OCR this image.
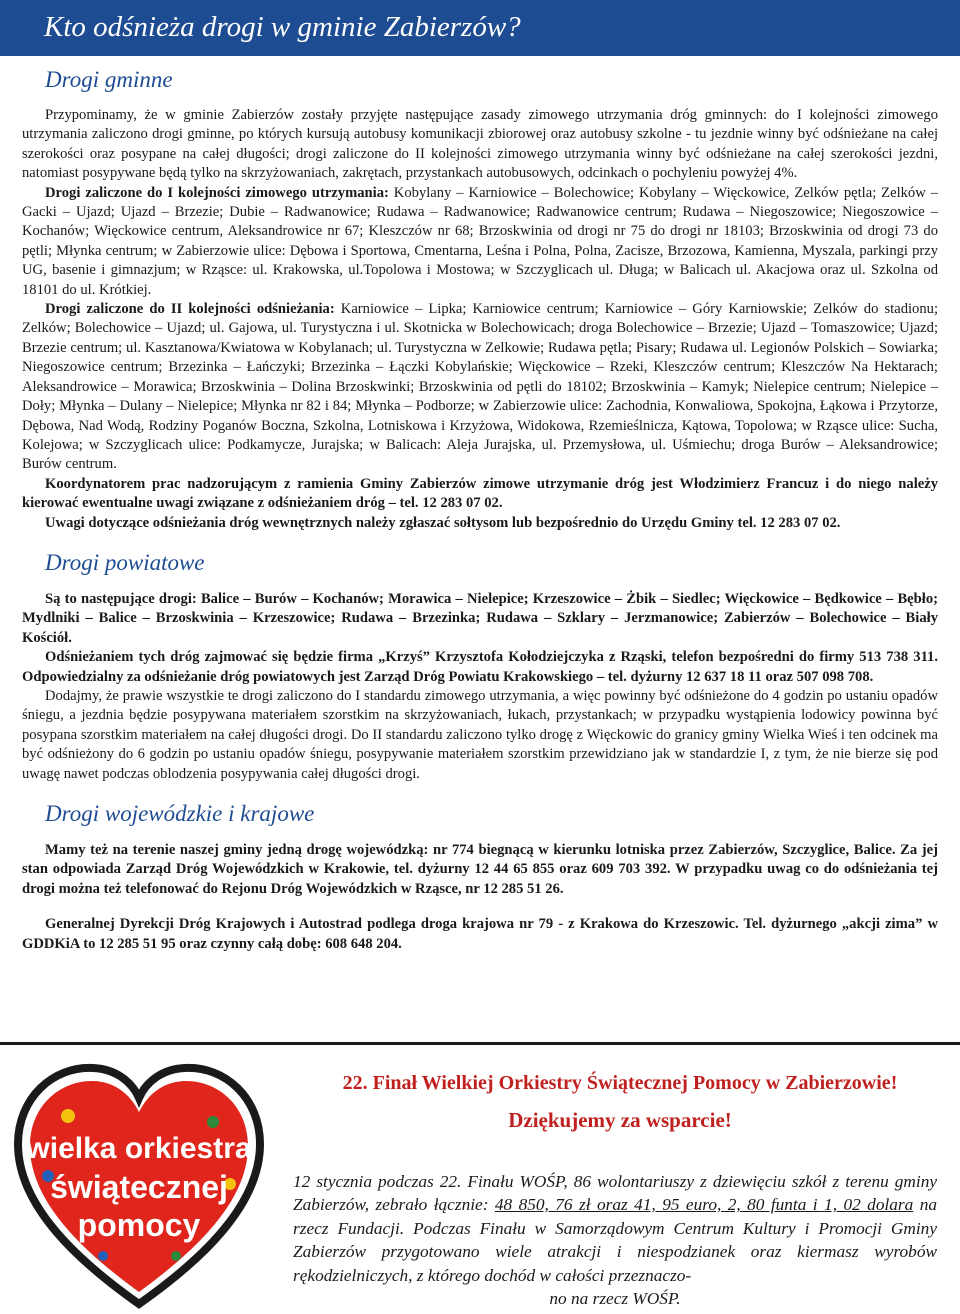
Kto odśnieża drogi w gminie Zabierzów?
Drogi gminne

Przypominamy, że w gminie Zabierzów zostały przyjęte następujące zasady zimowego utrzymania dróg gminnych: do I kolejności zimowego utrzymania zaliczono drogi gminne, po których kursują autobusy komunikacji zbiorowej oraz autobusy szkolne - tu jezdnie winny być odśnieżane na całej szerokości oraz posypane na całej długości; drogi zaliczone do II kolejności zimowego utrzymania winny być odśnieżane na całej szerokości jezdni, natomiast posypywane będą tylko na skrzyżowaniach, zakrętach, przystankach autobusowych, odcinkach o pochyleniu powyżej 4%.

Drogi zaliczone do I kolejności zimowego utrzymania: Kobylany – Karniowice – Bolechowice; Kobylany – Więckowice, Zelków pętla; Zelków – Gacki – Ujazd; Ujazd – Brzezie; Dubie – Radwanowice; Rudawa – Radwanowice; Radwanowice centrum; Rudawa – Niegoszowice; Niegoszowice – Kochanów; Więckowice centrum, Aleksandrowice nr 67; Kleszczów nr 68; Brzoskwinia od drogi nr 75 do drogi nr 18103; Brzoskwinia od drogi 73 do pętli; Młynka centrum; w Zabierzowie ulice: Dębowa i Sportowa, Cmentarna, Leśna i Polna, Polna, Zacisze, Brzozowa, Kamienna, Myszala, parkingi przy UG, basenie i gimnazjum; w Rząsce: ul. Krakowska, ul.Topolowa i Mostowa; w Szczyglicach ul. Długa; w Balicach ul. Akacjowa oraz ul. Szkolna od 18101 do ul. Krótkiej.

Drogi zaliczone do II kolejności odśnieżania: Karniowice – Lipka; Karniowice centrum; Karniowice – Góry Karniowskie; Zelków do stadionu; Zelków; Bolechowice – Ujazd; ul. Gajowa, ul. Turystyczna i ul. Skotnicka w Bolechowicach; droga Bolechowice – Brzezie; Ujazd – Tomaszowice; Ujazd; Brzezie centrum; ul. Kasztanowa/Kwiatowa w Kobylanach; ul. Turystyczna w Zelkowie; Rudawa pętla; Pisary; Rudawa ul. Legionów Polskich – Sowiarka; Niegoszowice centrum; Brzezinka – Łańczyki; Brzezinka – Łączki Kobylańskie; Więckowice – Rzeki, Kleszczów centrum; Kleszczów Na Hektarach; Aleksandrowice – Morawica; Brzoskwinia – Dolina Brzoskwinki; Brzoskwinia od pętli do 18102; Brzoskwinia – Kamyk; Nielepice centrum; Nielepice – Doły; Młynka – Dulany – Nielepice; Młynka nr 82 i 84; Młynka – Podborze; w Zabierzowie ulice: Zachodnia, Konwaliowa, Spokojna, Łąkowa i Przytorze, Dębowa, Nad Wodą, Rodziny Poganów Boczna, Szkolna, Lotniskowa i Krzyżowa, Widokowa, Rzemieślnicza, Kątowa, Topolowa; w Rząsce ulice: Sucha, Kolejowa; w Szczyglicach ulice: Podkamycze, Jurajska; w Balicach: Aleja Jurajska, ul. Przemysłowa, ul. Uśmiechu; droga Burów – Aleksandrowice; Burów centrum.

Koordynatorem prac nadzorującym z ramienia Gminy Zabierzów zimowe utrzymanie dróg jest Włodzimierz Francuz i do niego należy kierować ewentualne uwagi związane z odśnieżaniem dróg – tel. 12 283 07 02.

Uwagi dotyczące odśnieżania dróg wewnętrznych należy zgłaszać sołtysom lub bezpośrednio do Urzędu Gminy tel. 12 283 07 02.

Drogi powiatowe

Są to następujące drogi: Balice – Burów – Kochanów; Morawica – Nielepice; Krzeszowice – Żbik – Siedlec; Więckowice – Będkowice – Bębło; Mydlniki – Balice – Brzoskwinia – Krzeszowice; Rudawa – Brzezinka; Rudawa – Szklary – Jerzmanowice; Zabierzów – Bolechowice – Biały Kościół.

Odśnieżaniem tych dróg zajmować się będzie firma „Krzyś” Krzysztofa Kołodziejczyka z Rząski, telefon bezpośredni do firmy 513 738 311. Odpowiedzialny za odśnieżanie dróg powiatowych jest Zarząd Dróg Powiatu Krakowskiego – tel. dyżurny 12 637 18 11 oraz 507 098 708.

Dodajmy, że prawie wszystkie te drogi zaliczono do I standardu zimowego utrzymania, a więc powinny być odśnieżone do 4 godzin po ustaniu opadów śniegu, a jezdnia będzie posypywana materiałem szorstkim na skrzyżowaniach, łukach, przystankach; w przypadku wystąpienia lodowicy powinna być posypana szorstkim materiałem na całej długości drogi. Do II standardu zaliczono tylko drogę z Więckowic do granicy gminy Wielka Wieś i ten odcinek ma być odśnieżony do 6 godzin po ustaniu opadów śniegu, posypywanie materiałem szorstkim przewidziano jak w standardzie I, z tym, że nie bierze się pod uwagę nawet podczas oblodzenia posypywania całej długości drogi.

Drogi wojewódzkie i krajowe

Mamy też na terenie naszej gminy jedną drogę wojewódzką: nr 774 biegnącą w kierunku lotniska przez Zabierzów, Szczyglice, Balice. Za jej stan odpowiada Zarząd Dróg Wojewódzkich w Krakowie, tel. dyżurny 12 44 65 855 oraz 609 703 392. W przypadku uwag co do odśnieżania tej drogi można też telefonować do Rejonu Dróg Wojewódzkich w Rząsce, nr 12 285 51 26.

Generalnej Dyrekcji Dróg Krajowych i Autostrad podlega droga krajowa nr 79 - z Krakowa do Krzeszowic. Tel. dyżurnego „akcji zima” w GDDKiA to 12 285 51 95 oraz czynny całą dobę: 608 648 204.

wielka orkiestra
świątecznej
pomocy
22. Finał Wielkiej Orkiestry Świątecznej Pomocy w Zabierzowie!
Dziękujemy za wsparcie!
12 stycznia podczas 22. Finału WOŚP, 86 wolontariuszy z dziewięciu szkół z terenu gminy Zabierzów, zebrało łącznie: 48 850, 76 zł oraz 41, 95 euro, 2, 80 funta i 1, 02 dolara na rzecz Fundacji. Podczas Finału w Samorządowym Centrum Kultury i Promocji Gminy Zabierzów przygotowano wiele atrakcji i niespodzianek oraz kiermasz wyrobów rękodzielniczych, z którego dochód w całości przeznaczo-
no na rzecz WOŚP.
